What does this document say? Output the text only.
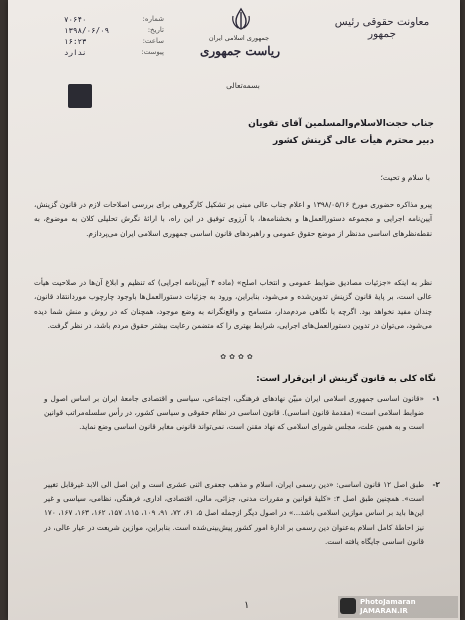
معاونت حقوقی رئیس جمهور
جمهوری اسلامی ایران
ریاست جمهوری
شماره:
۷۰۶۴۰
تاریخ:
۱۳۹۸/۰۶/۰۹
ساعت:
۱۶:۲۳
پیوست:
ندارد
بسمه‌تعالی
جناب حجت‌الاسلام‌والمسلمین آقای تقویان
دبیر محترم هیأت عالی گزینش کشور
با سلام و تحیت؛
پیرو مذاکره حضوری مورخ ۱۳۹۸/۰۵/۱۶ و اعلام جناب عالی مبنی بر تشکیل کارگروهی برای بررسی اصلاحات لازم در قانون گزینش، آیین‌نامه اجرایی و مجموعه دستورالعمل‌ها و بخشنامه‌ها، با آرزوی توفیق در این راه، با ارائهٔ نگرش تحلیلی کلان به موضوع، به نقطه‌نظرهای اساسی مدنظر از موضع حقوق عمومی و راهبردهای قانون اساسی جمهوری اسلامی ایران می‌پردازم.
نظر به اینکه «جزئیات مصادیق ضوابط عمومی و انتخاب اصلح» (ماده ۴ آیین‌نامه اجرایی) که تنظیم و ابلاغ آن‌ها در صلاحیت هیأت عالی است، بر پایهٔ قانون گزینش تدوین‌شده و می‌شود، بنابراین، ورود به جزئیات دستورالعمل‌ها باوجود چارچوب موردانتقاد قانون، چندان مفید نخواهد بود. اگرچه با نگاهی مردم‌مدار، متسامح و واقع‌نگرانه به وضع موجود، همچنان که در روش و منش شما دیده می‌شود، می‌توان در تدوین دستورالعمل‌های اجرایی، شرایط بهتری را که متضمن رعایت بیشتر حقوق مردم باشد، در نظر گرفت.
✿✿✿✿
نگاه کلی به قانون گزینش از این‌قرار است:
۱-
«قانون اساسی جمهوری اسلامی ایران مبیّن نهادهای فرهنگی، اجتماعی، سیاسی و اقتصادی جامعهٔ ایران بر اساس اصول و ضوابط اسلامی است» (مقدمهٔ قانون اساسی). قانون اساسی در نظام حقوقی و سیاسی کشور، در رأس سلسله‌مراتب قوانین است و به همین علت، مجلس شورای اسلامی که نهاد مقنن است، نمی‌تواند قانونی مغایر قانون اساسی وضع نماید.
۲-
طبق اصل ۱۲ قانون اساسی: «دین رسمی ایران، اسلام و مذهب جعفری اثنی عشری است و این اصل الی الابد غیرقابل تغییر است». همچنین طبق اصل ۴: «کلیهٔ قوانین و مقررات مدنی، جزائی، مالی، اقتصادی، اداری، فرهنگی، نظامی، سیاسی و غیر این‌ها باید بر اساس موازین اسلامی باشد...» در اصول دیگر ازجمله اصل ۵، ۶۱، ۷۲، ۹۱، ۱۰۹، ۱۱۵، ۱۵۷، ۱۶۲، ۱۶۳، ۱۶۷، ۱۷۰ نیز احاطهٔ کامل اسلام به‌عنوان دین رسمی بر ادارهٔ امور کشور پیش‌بینی‌شده است. بنابراین، موازین شریعت در عیار عالی، در قانون اساسی جایگاه یافته است.
۱	PhotoJamaran
JAMARAN.IR
